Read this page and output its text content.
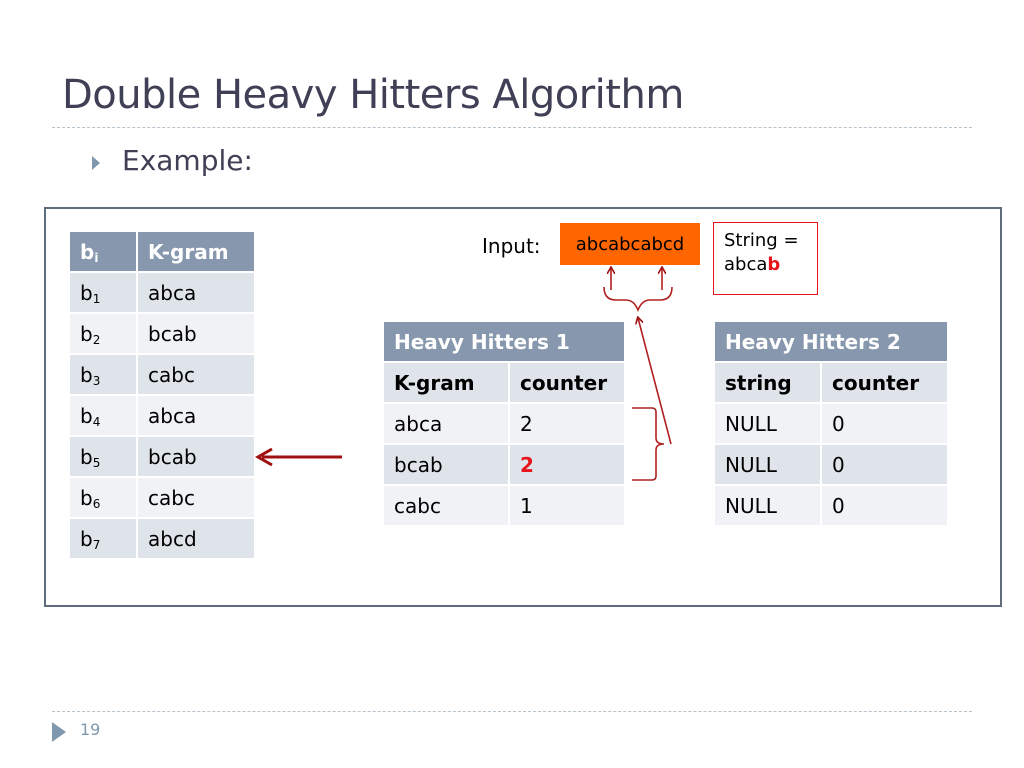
Double Heavy Hitters Algorithm
Example:
$b_i$	K-gram
$b_1$	abca
$b_2$	bcab
$b_3$	cabc
$b_4$	abca
$b_5$	bcab
$b_6$	cabc
$b_7$	abcd
Input:	abcabcabcd	String =
abcab
Heavy Hitters 1	
K-gram	counter
abca	2
bcab	2
cabc	1
Heavy Hitters 2	
string	counter
NULL	0
NULL	0
NULL	0
19
